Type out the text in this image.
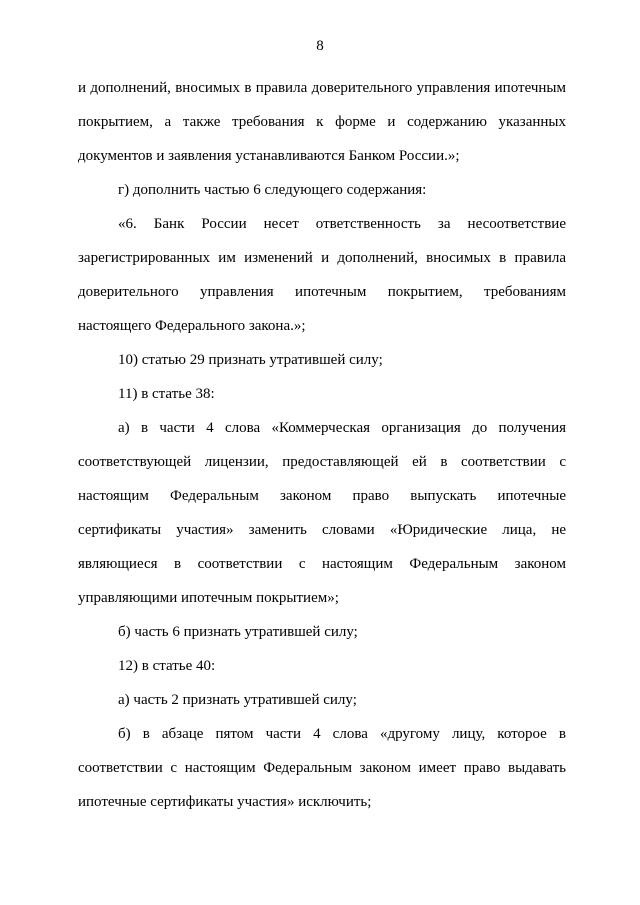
8
и дополнений, вносимых в правила доверительного управления ипотечным
покрытием, а также требования к форме и содержанию указанных
документов и заявления устанавливаются Банком России.»;
г) дополнить частью 6 следующего содержания:
«6. Банк России несет ответственность за несоответствие
зарегистрированных им изменений и дополнений, вносимых в правила
доверительного управления ипотечным покрытием, требованиям
настоящего Федерального закона.»;
10) статью 29 признать утратившей силу;
11) в статье 38:
а) в части 4 слова «Коммерческая организация до получения
соответствующей лицензии, предоставляющей ей в соответствии с
настоящим Федеральным законом право выпускать ипотечные
сертификаты участия» заменить словами «Юридические лица, не
являющиеся в соответствии с настоящим Федеральным законом
управляющими ипотечным покрытием»;
б) часть 6 признать утратившей силу;
12) в статье 40:
а) часть 2 признать утратившей силу;
б) в абзаце пятом части 4 слова «другому лицу, которое в
соответствии с настоящим Федеральным законом имеет право выдавать
ипотечные сертификаты участия» исключить;
